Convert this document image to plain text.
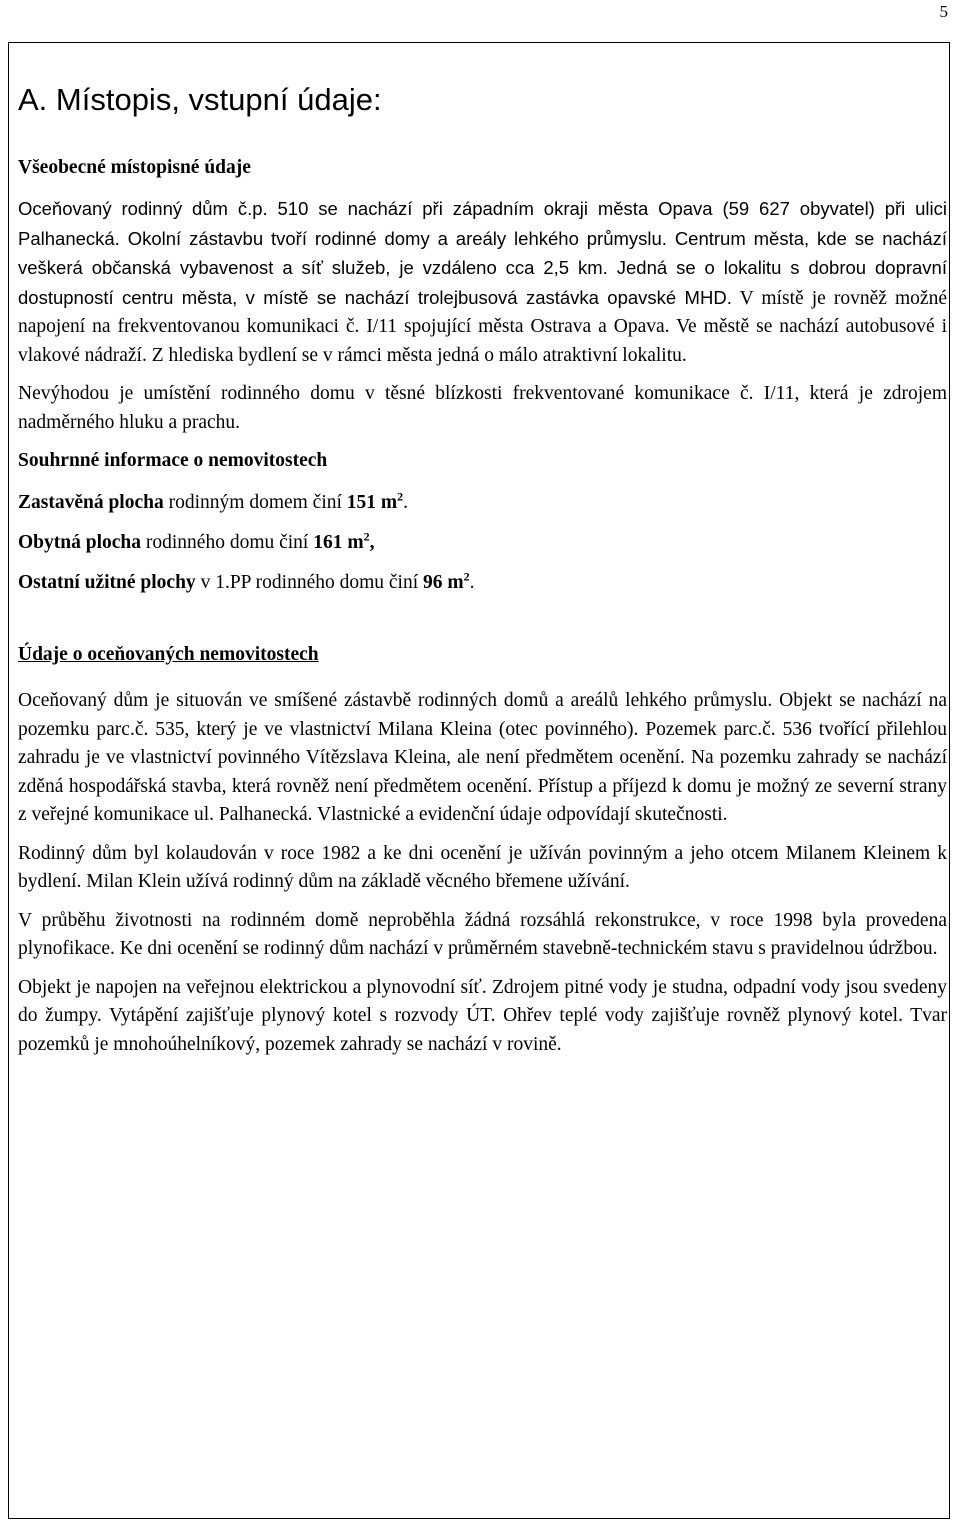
5
A. Místopis, vstupní údaje:
Všeobecné místopisné údaje

Oceňovaný rodinný dům č.p. 510 se nachází při západním okraji města Opava (59 627 obyvatel) při ulici Palhanecká. Okolní zástavbu tvoří rodinné domy a areály lehkého průmyslu. Centrum města, kde se nachází veškerá občanská vybavenost a síť služeb, je vzdáleno cca 2,5 km. Jedná se o lokalitu s dobrou dopravní dostupností centru města, v místě se nachází trolejbusová zastávka opavské MHD. V místě je rovněž možné napojení na frekventovanou komunikaci č. I/11 spojující města Ostrava a Opava. Ve městě se nachází autobusové i vlakové nádraží. Z hlediska bydlení se v rámci města jedná o málo atraktivní lokalitu.

Nevýhodou je umístění rodinného domu v těsné blízkosti frekventované komunikace č. I/11, která je zdrojem nadměrného hluku a prachu.

Souhrnné informace o nemovitostech
Zastavěná plocha rodinným domem činí 151 $m^2$.
Obytná plocha rodinného domu činí 161 $m^2$,
Ostatní užitné plochy v 1.PP rodinného domu činí 96 $m^2$.
Údaje o oceňovaných nemovitostech

Oceňovaný dům je situován ve smíšené zástavbě rodinných domů a areálů lehkého průmyslu. Objekt se nachází na pozemku parc.č. 535, který je ve vlastnictví Milana Kleina (otec povinného). Pozemek parc.č. 536 tvořící přilehlou zahradu je ve vlastnictví povinného Vítězslava Kleina, ale není předmětem ocenění. Na pozemku zahrady se nachází zděná hospodářská stavba, která rovněž není předmětem ocenění. Přístup a příjezd k domu je možný ze severní strany z veřejné komunikace ul. Palhanecká. Vlastnické a evidenční údaje odpovídají skutečnosti.

Rodinný dům byl kolaudován v roce 1982 a ke dni ocenění je užíván povinným a jeho otcem Milanem Kleinem k bydlení. Milan Klein užívá rodinný dům na základě věcného břemene užívání.

V průběhu životnosti na rodinném domě neproběhla žádná rozsáhlá rekonstrukce, v roce 1998 byla provedena plynofikace. Ke dni ocenění se rodinný dům nachází v průměrném stavebně-technickém stavu s pravidelnou údržbou.

Objekt je napojen na veřejnou elektrickou a plynovodní síť. Zdrojem pitné vody je studna, odpadní vody jsou svedeny do žumpy. Vytápění zajišťuje plynový kotel s rozvody ÚT. Ohřev teplé vody zajišťuje rovněž plynový kotel. Tvar pozemků je mnohoúhelníkový, pozemek zahrady se nachází v rovině.
